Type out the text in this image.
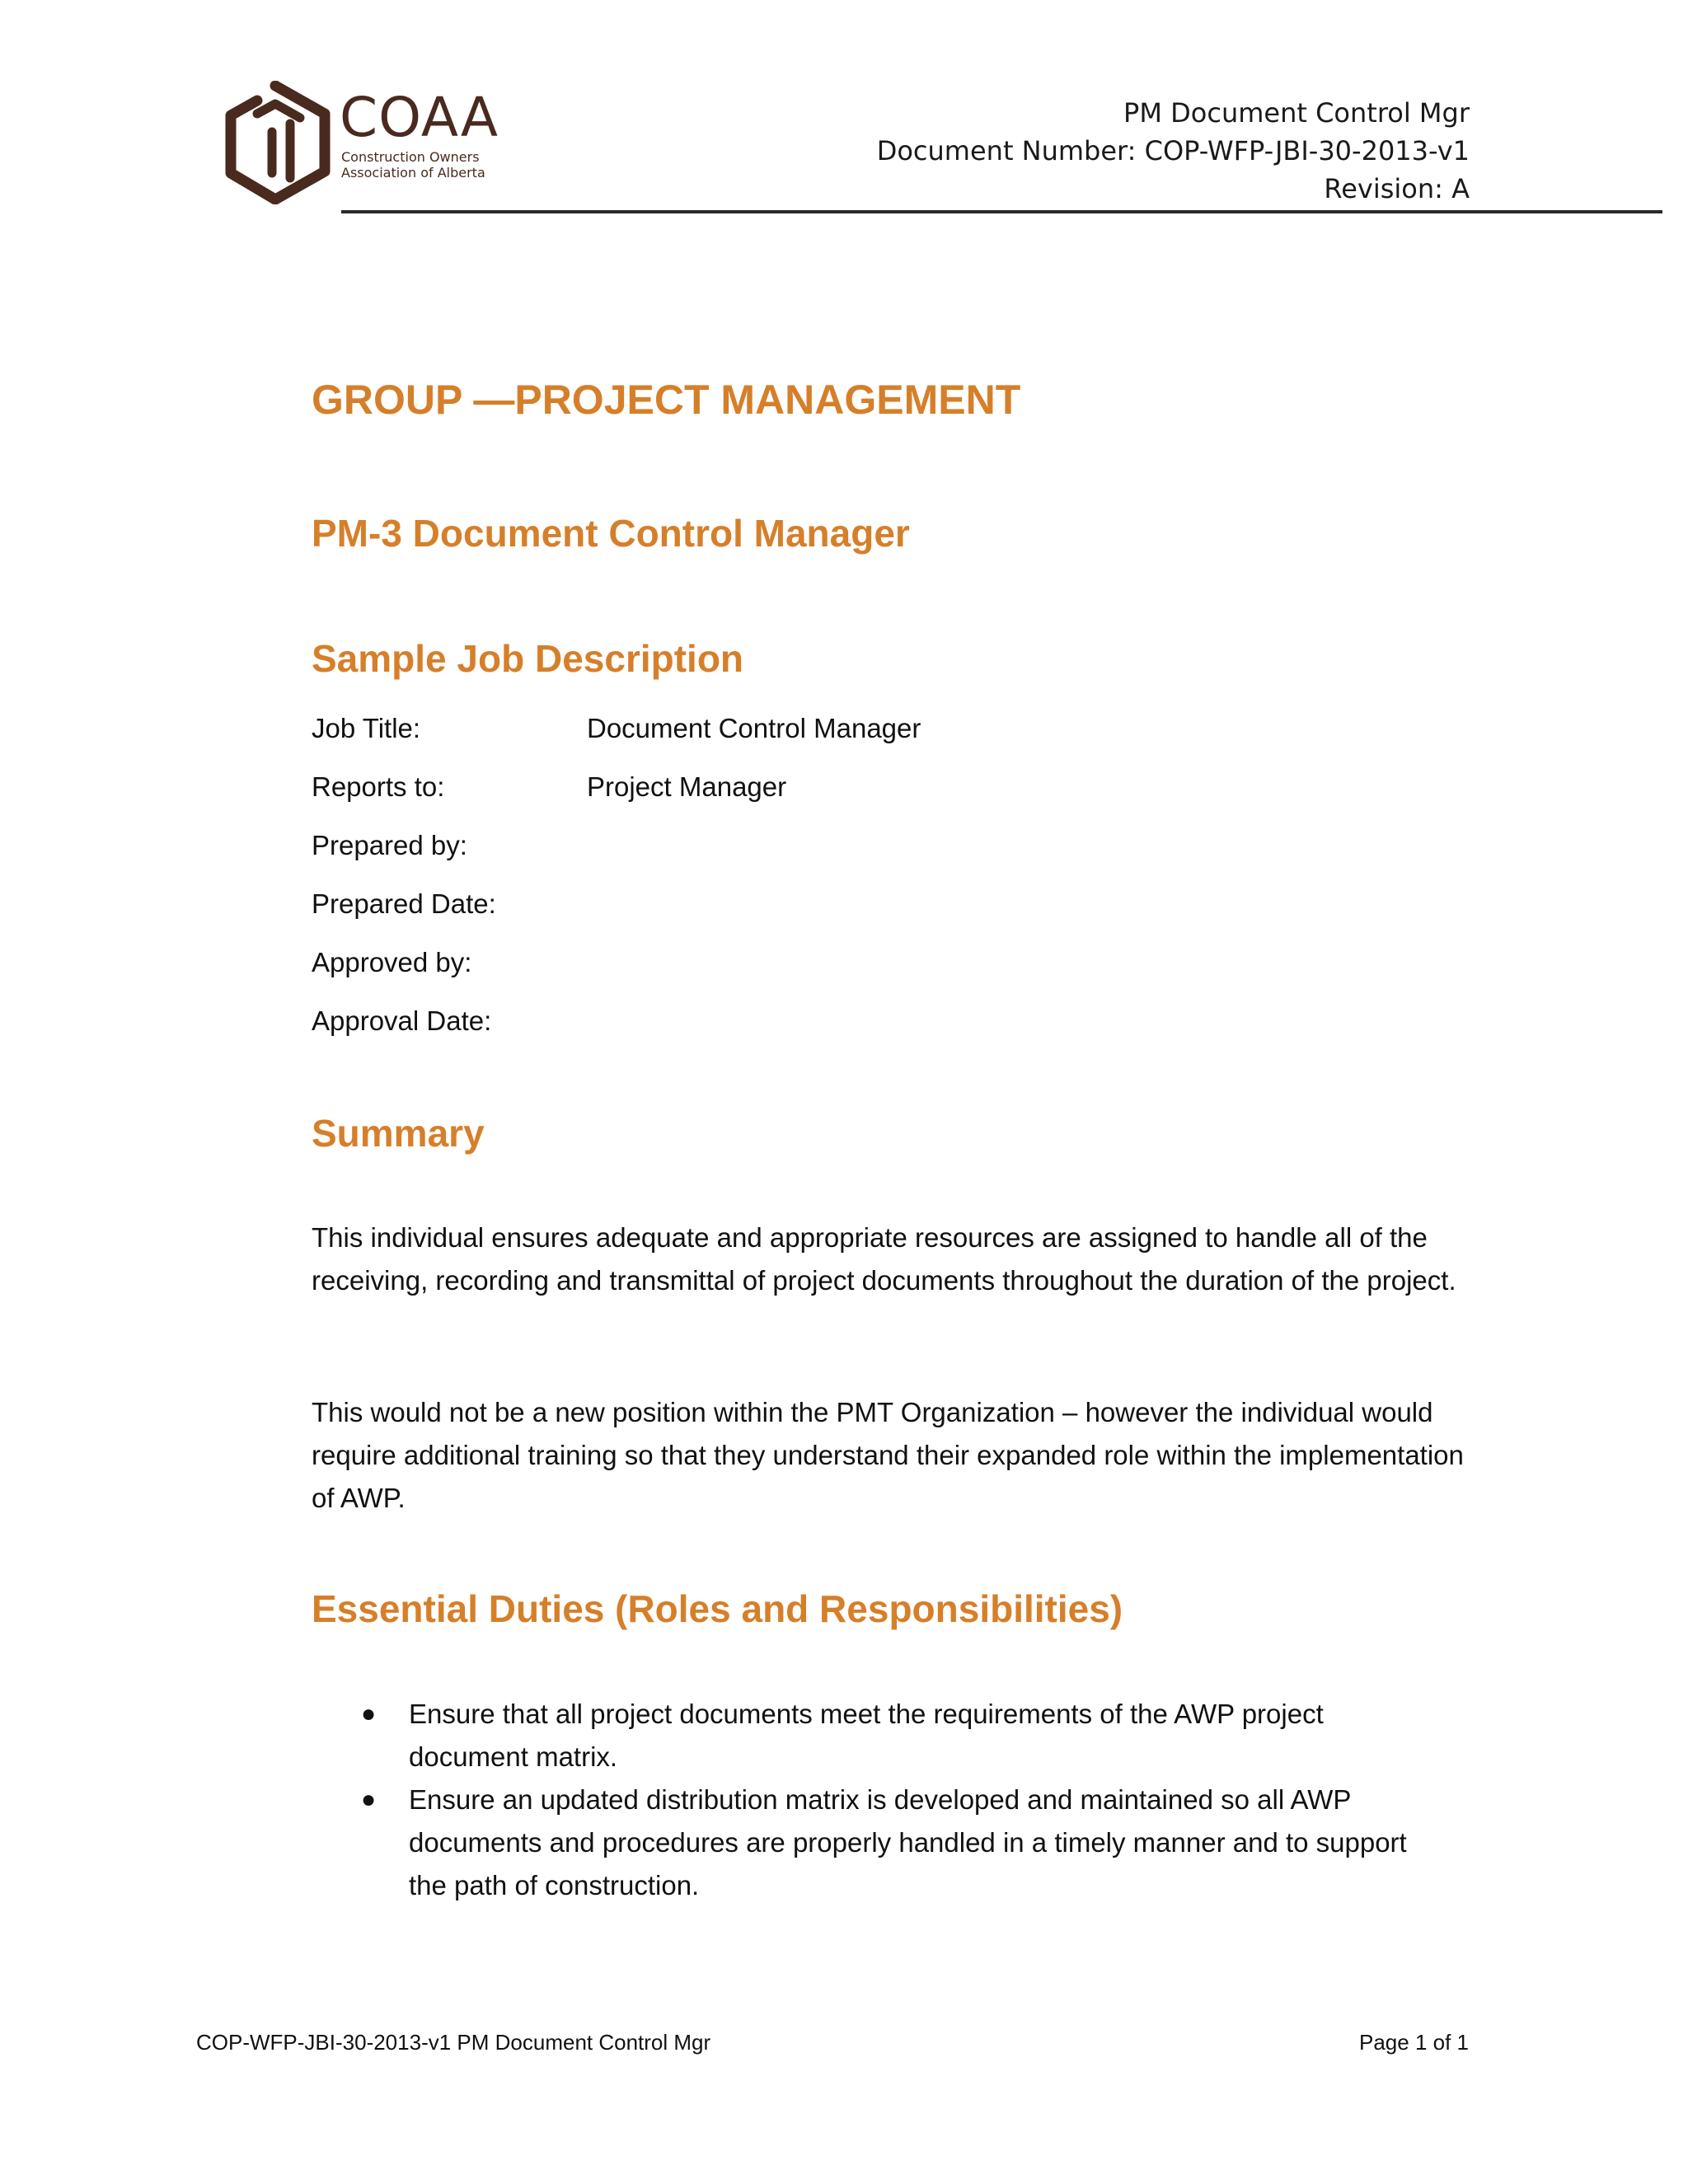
COAA
Construction Owners
Association of Alberta
PM Document Control Mgr
Document Number: COP-WFP-JBI-30-2013-v1
Revision: A
GROUP —PROJECT MANAGEMENT
PM-3 Document Control Manager
Sample Job Description
Job Title:	Document Control Manager
Reports to:	Project Manager
Prepared by:
Prepared Date:
Approved by:
Approval Date:
Summary
This individual ensures adequate and appropriate resources are assigned to handle all of the receiving, recording and transmittal of project documents throughout the duration of the project.
This would not be a new position within the PMT Organization – however the individual would require additional training so that they understand their expanded role within the implementation of AWP.
Essential Duties (Roles and Responsibilities)
● Ensure that all project documents meet the requirements of the AWP project document matrix.
● Ensure an updated distribution matrix is developed and maintained so all AWP documents and procedures are properly handled in a timely manner and to support the path of construction.
COP-WFP-JBI-30-2013-v1 PM Document Control Mgr	Page 1 of 1
